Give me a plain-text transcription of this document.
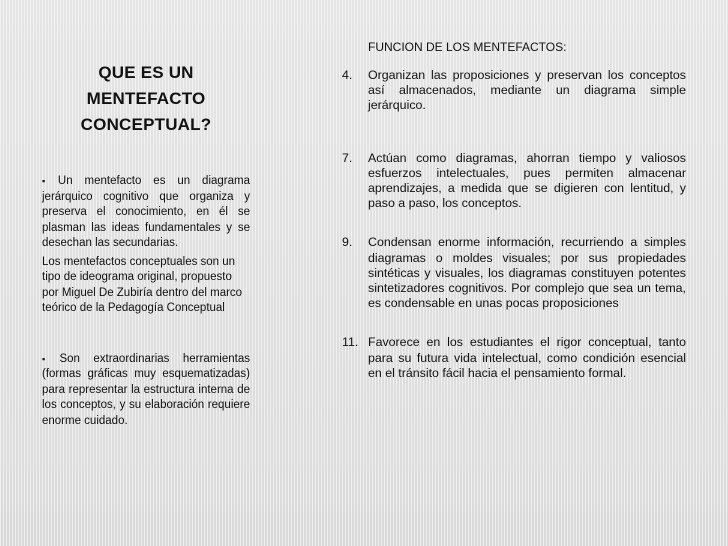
QUE ES UN MENTEFACTO CONCEPTUAL?

▪ Un mentefacto es un diagrama jerárquico cognitivo que organiza y preserva el conocimiento, en él se plasman las ideas fundamentales y se desechan las secundarias.

Los mentefactos conceptuales son un tipo de ideograma original, propuesto por Miguel De Zubiría dentro del marco teórico de la Pedagogía Conceptual

▪ Son extraordinarias herramientas (formas gráficas muy esquematizadas) para representar la estructura interna de los conceptos, y su elaboración requiere enorme cuidado.

FUNCION DE LOS MENTEFACTOS:
4.	Organizan las proposiciones y preservan los conceptos así almacenados, mediante un diagrama simple jerárquico.
7.	Actúan como diagramas, ahorran tiempo y valiosos esfuerzos intelectuales, pues permiten almacenar aprendizajes, a medida que se digieren con lentitud, y paso a paso, los conceptos.
9.	Condensan enorme información, recurriendo a simples diagramas o moldes visuales; por sus propiedades sintéticas y visuales, los diagramas constituyen potentes sintetizadores cognitivos. Por complejo que sea un tema, es condensable en unas pocas proposiciones
11. Favorece en los estudiantes el rigor conceptual, tanto para su futura vida intelectual, como condición esencial en el tránsito fácil hacia el pensamiento formal.
